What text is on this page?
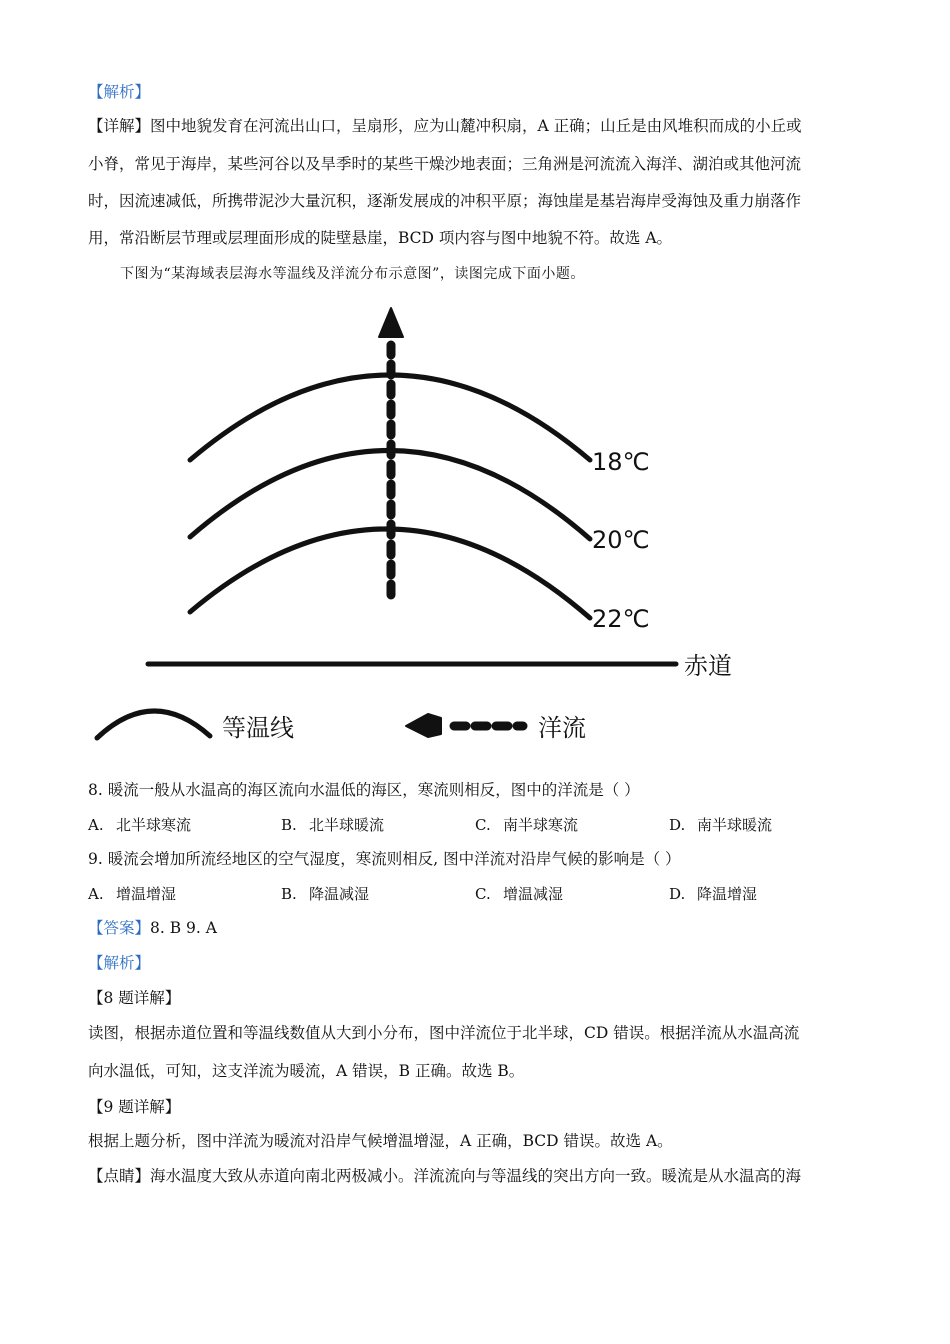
【解析】
【详解】图中地貌发育在河流出山口，呈扇形，应为山麓冲积扇，A 正确；山丘是由风堆积而成的小丘或
小脊，常见于海岸，某些河谷以及旱季时的某些干燥沙地表面；三角洲是河流流入海洋、湖泊或其他河流
时，因流速减低，所携带泥沙大量沉积，逐渐发展成的冲积平原；海蚀崖是基岩海岸受海蚀及重力崩落作
用，常沿断层节理或层理面形成的陡壁悬崖，BCD 项内容与图中地貌不符。故选 A。
下图为“某海域表层海水等温线及洋流分布示意图”，读图完成下面小题。
18℃
20℃
22℃
赤道
等温线	洋流
8. 暖流一般从水温高的海区流向水温低的海区，寒流则相反，图中的洋流是（ ）
A. 北半球寒流	B. 北半球暖流	C. 南半球寒流	D. 南半球暖流
9. 暖流会增加所流经地区的空气湿度，寒流则相反, 图中洋流对沿岸气候的影响是（ ）
A. 增温增湿	B. 降温减湿	C. 增温减湿	D. 降温增湿
【答案】8. B 9. A
【解析】
【8 题详解】
读图，根据赤道位置和等温线数值从大到小分布，图中洋流位于北半球，CD 错误。根据洋流从水温高流
向水温低，可知，这支洋流为暖流，A 错误，B 正确。故选 B。
【9 题详解】
根据上题分析，图中洋流为暖流对沿岸气候增温增湿，A 正确，BCD 错误。故选 A。
【点睛】海水温度大致从赤道向南北两极减小。洋流流向与等温线的突出方向一致。暖流是从水温高的海
